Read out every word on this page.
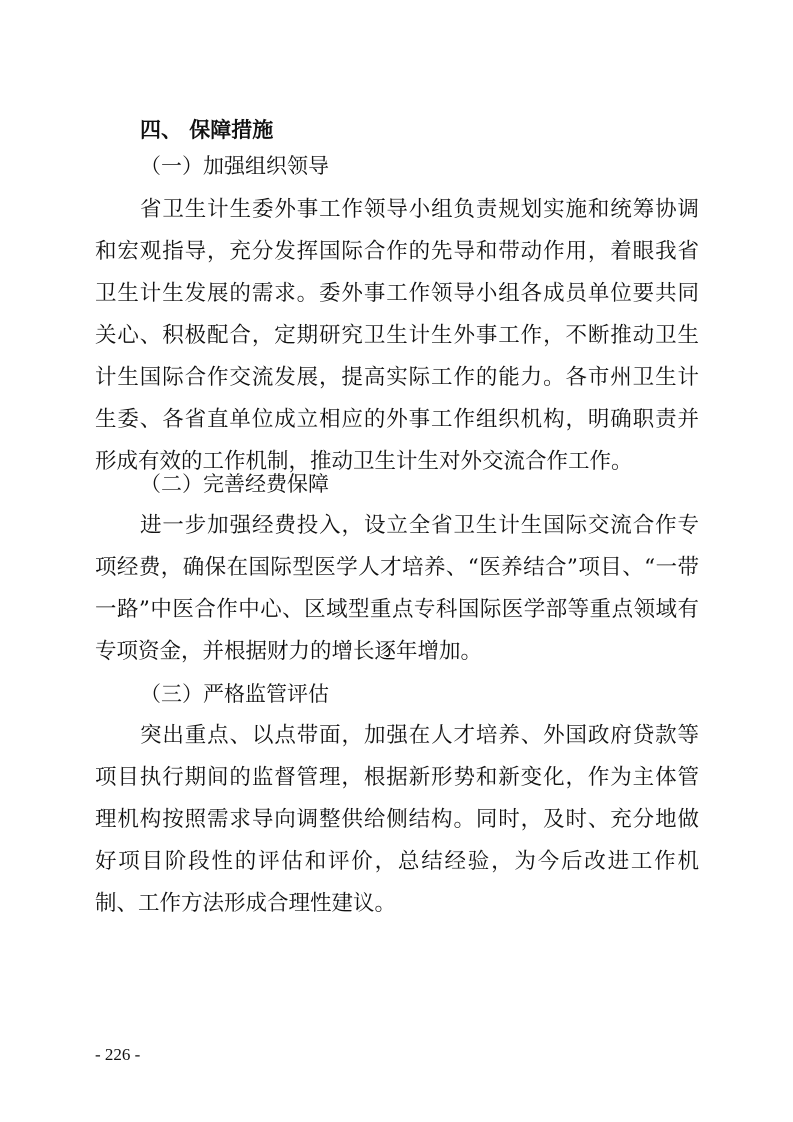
四、 保障措施
（一）加强组织领导
省卫生计生委外事工作领导小组负责规划实施和统筹协调
和宏观指导，充分发挥国际合作的先导和带动作用，着眼我省
卫生计生发展的需求。委外事工作领导小组各成员单位要共同
关心、积极配合，定期研究卫生计生外事工作，不断推动卫生
计生国际合作交流发展，提高实际工作的能力。各市州卫生计
生委、各省直单位成立相应的外事工作组织机构，明确职责并
形成有效的工作机制，推动卫生计生对外交流合作工作。
（二）完善经费保障
进一步加强经费投入，设立全省卫生计生国际交流合作专
项经费，确保在国际型医学人才培养、“医养结合”项目、“一带
一路”中医合作中心、区域型重点专科国际医学部等重点领域有
专项资金，并根据财力的增长逐年增加。
（三）严格监管评估
突出重点、以点带面，加强在人才培养、外国政府贷款等
项目执行期间的监督管理，根据新形势和新变化，作为主体管
理机构按照需求导向调整供给侧结构。同时，及时、充分地做
好项目阶段性的评估和评价，总结经验，为今后改进工作机
制、工作方法形成合理性建议。
- 226 -
